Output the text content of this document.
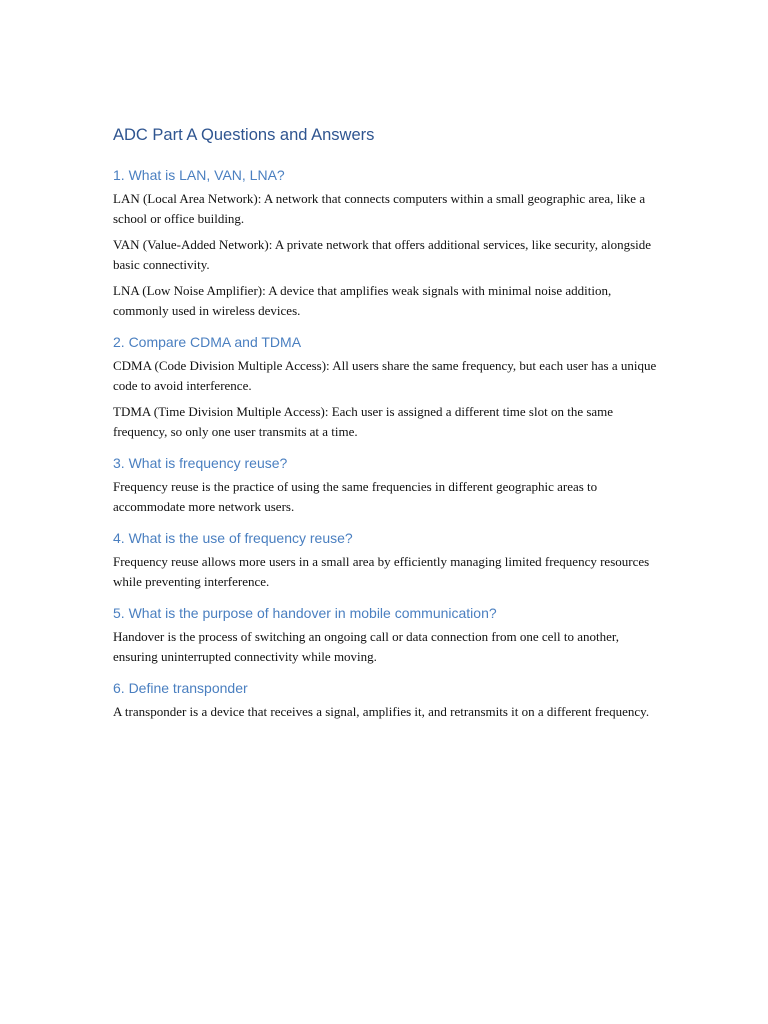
ADC Part A Questions and Answers
1. What is LAN, VAN, LNA?

LAN (Local Area Network): A network that connects computers within a small geographic area, like a school or office building.

VAN (Value-Added Network): A private network that offers additional services, like security, alongside basic connectivity.

LNA (Low Noise Amplifier): A device that amplifies weak signals with minimal noise addition, commonly used in wireless devices.

2. Compare CDMA and TDMA

CDMA (Code Division Multiple Access): All users share the same frequency, but each user has a unique code to avoid interference.

TDMA (Time Division Multiple Access): Each user is assigned a different time slot on the same frequency, so only one user transmits at a time.

3. What is frequency reuse?

Frequency reuse is the practice of using the same frequencies in different geographic areas to accommodate more network users.

4. What is the use of frequency reuse?

Frequency reuse allows more users in a small area by efficiently managing limited frequency resources while preventing interference.

5. What is the purpose of handover in mobile communication?

Handover is the process of switching an ongoing call or data connection from one cell to another, ensuring uninterrupted connectivity while moving.

6. Define transponder

A transponder is a device that receives a signal, amplifies it, and retransmits it on a different frequency.
